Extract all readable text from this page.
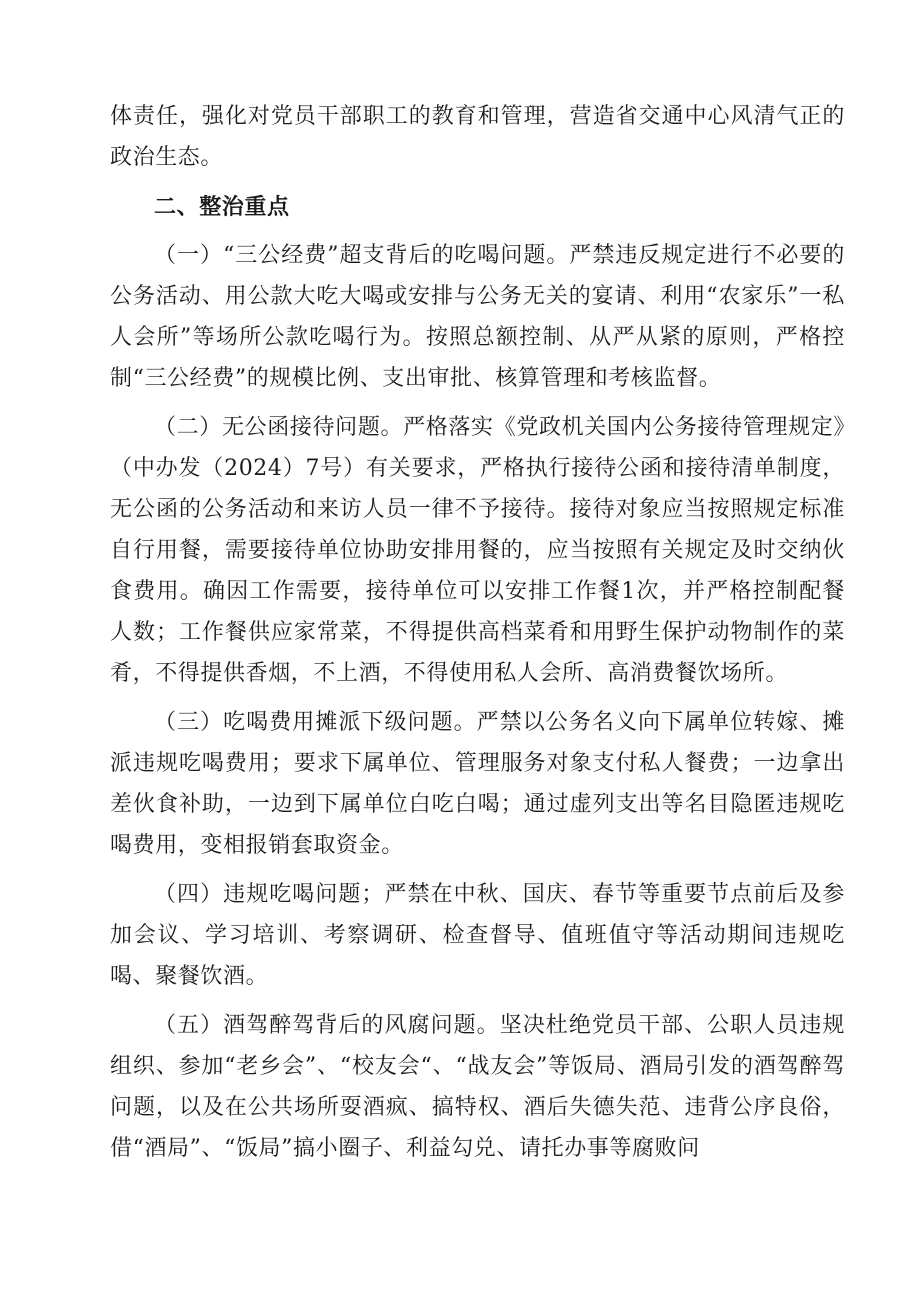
体责任，强化对党员干部职工的教育和管理，营造省交通中心风清气正的政治生态。

二、整治重点

（一）“三公经费”超支背后的吃喝问题。严禁违反规定进行不必要的公务活动、用公款大吃大喝或安排与公务无关的宴请、利用“农家乐”一私人会所”等场所公款吃喝行为。按照总额控制、从严从紧的原则，严格控制“三公经费”的规模比例、支出审批、核算管理和考核监督。

（二）无公函接待问题。严格落实《党政机关国内公务接待管理规定》（中办发（2024）7号）有关要求，严格执行接待公函和接待清单制度，无公函的公务活动和来访人员一律不予接待。接待对象应当按照规定标准自行用餐，需要接待单位协助安排用餐的，应当按照有关规定及时交纳伙食费用。确因工作需要，接待单位可以安排工作餐1次，并严格控制配餐人数；工作餐供应家常菜，不得提供高档菜肴和用野生保护动物制作的菜肴，不得提供香烟，不上酒，不得使用私人会所、高消费餐饮场所。

（三）吃喝费用摊派下级问题。严禁以公务名义向下属单位转嫁、摊派违规吃喝费用；要求下属单位、管理服务对象支付私人餐费；一边拿出差伙食补助，一边到下属单位白吃白喝；通过虚列支出等名目隐匿违规吃喝费用，变相报销套取资金。

（四）违规吃喝问题；严禁在中秋、国庆、春节等重要节点前后及参加会议、学习培训、考察调研、检查督导、值班值守等活动期间违规吃喝、聚餐饮酒。

（五）酒驾醉驾背后的风腐问题。坚决杜绝党员干部、公职人员违规组织、参加“老乡会”、“校友会“、“战友会”等饭局、酒局引发的酒驾醉驾问题，以及在公共场所耍酒疯、搞特权、酒后失德失范、违背公序良俗，借“酒局”、“饭局”搞小圈子、利益勾兑、请托办事等腐败问
